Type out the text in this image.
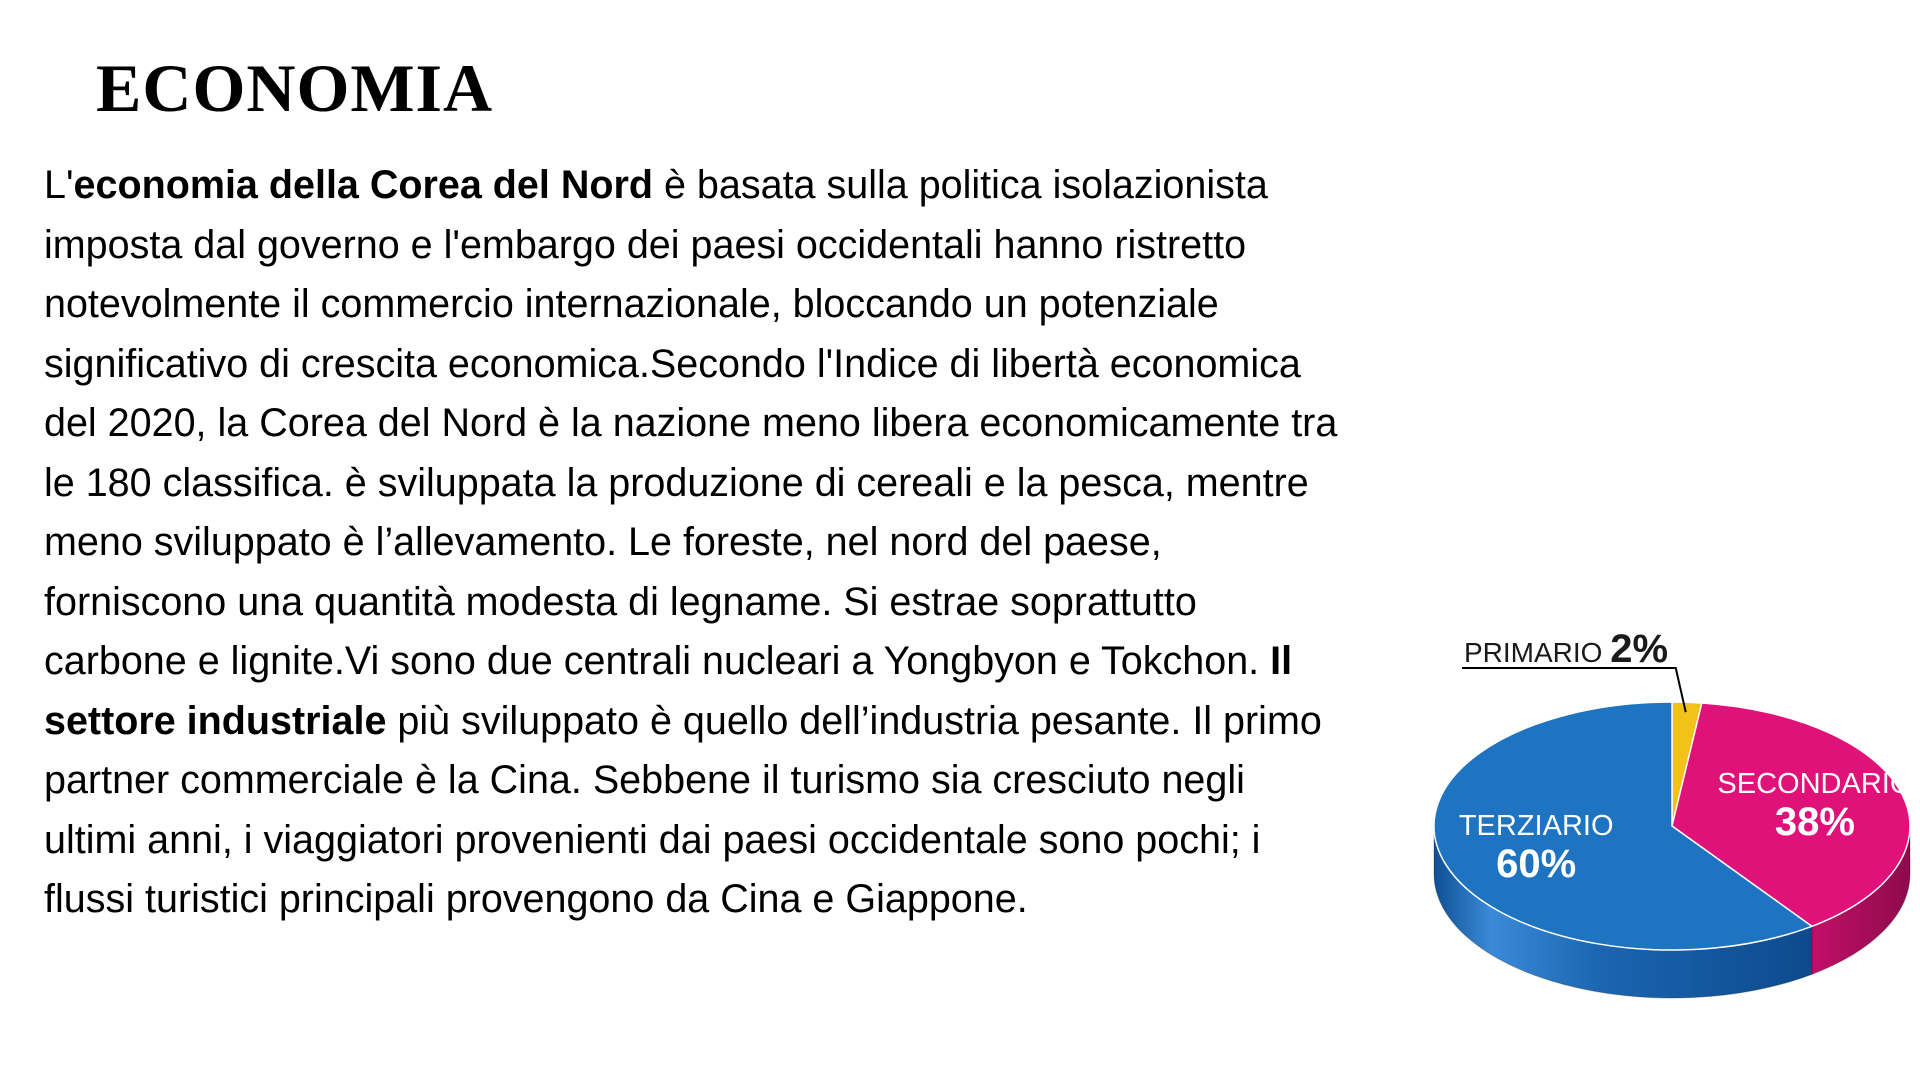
ECONOMIA

L'economia della Corea del Nord è basata sulla politica isolazionista imposta dal governo e l'embargo dei paesi occidentali hanno ristretto notevolmente il commercio internazionale, bloccando un potenziale significativo di crescita economica.Secondo l'Indice di libertà economica del 2020, la Corea del Nord è la nazione meno libera economicamente tra le 180 classifica. è sviluppata la produzione di cereali e la pesca, mentre meno sviluppato è l’allevamento. Le foreste, nel nord del paese, forniscono una quantità modesta di legname. Si estrae soprattutto carbone e lignite.Vi sono due centrali nucleari a Yongbyon e Tokchon. Il settore industriale più sviluppato è quello dell’industria pesante. Il primo partner commerciale è la Cina. Sebbene il turismo sia cresciuto negli ultimi anni, i viaggiatori provenienti dai paesi occidentale sono pochi; i flussi turistici principali provengono da Cina e Giappone.

PRIMARIO 2%
SECONDARIO
38%
TERZIARIO
60%
